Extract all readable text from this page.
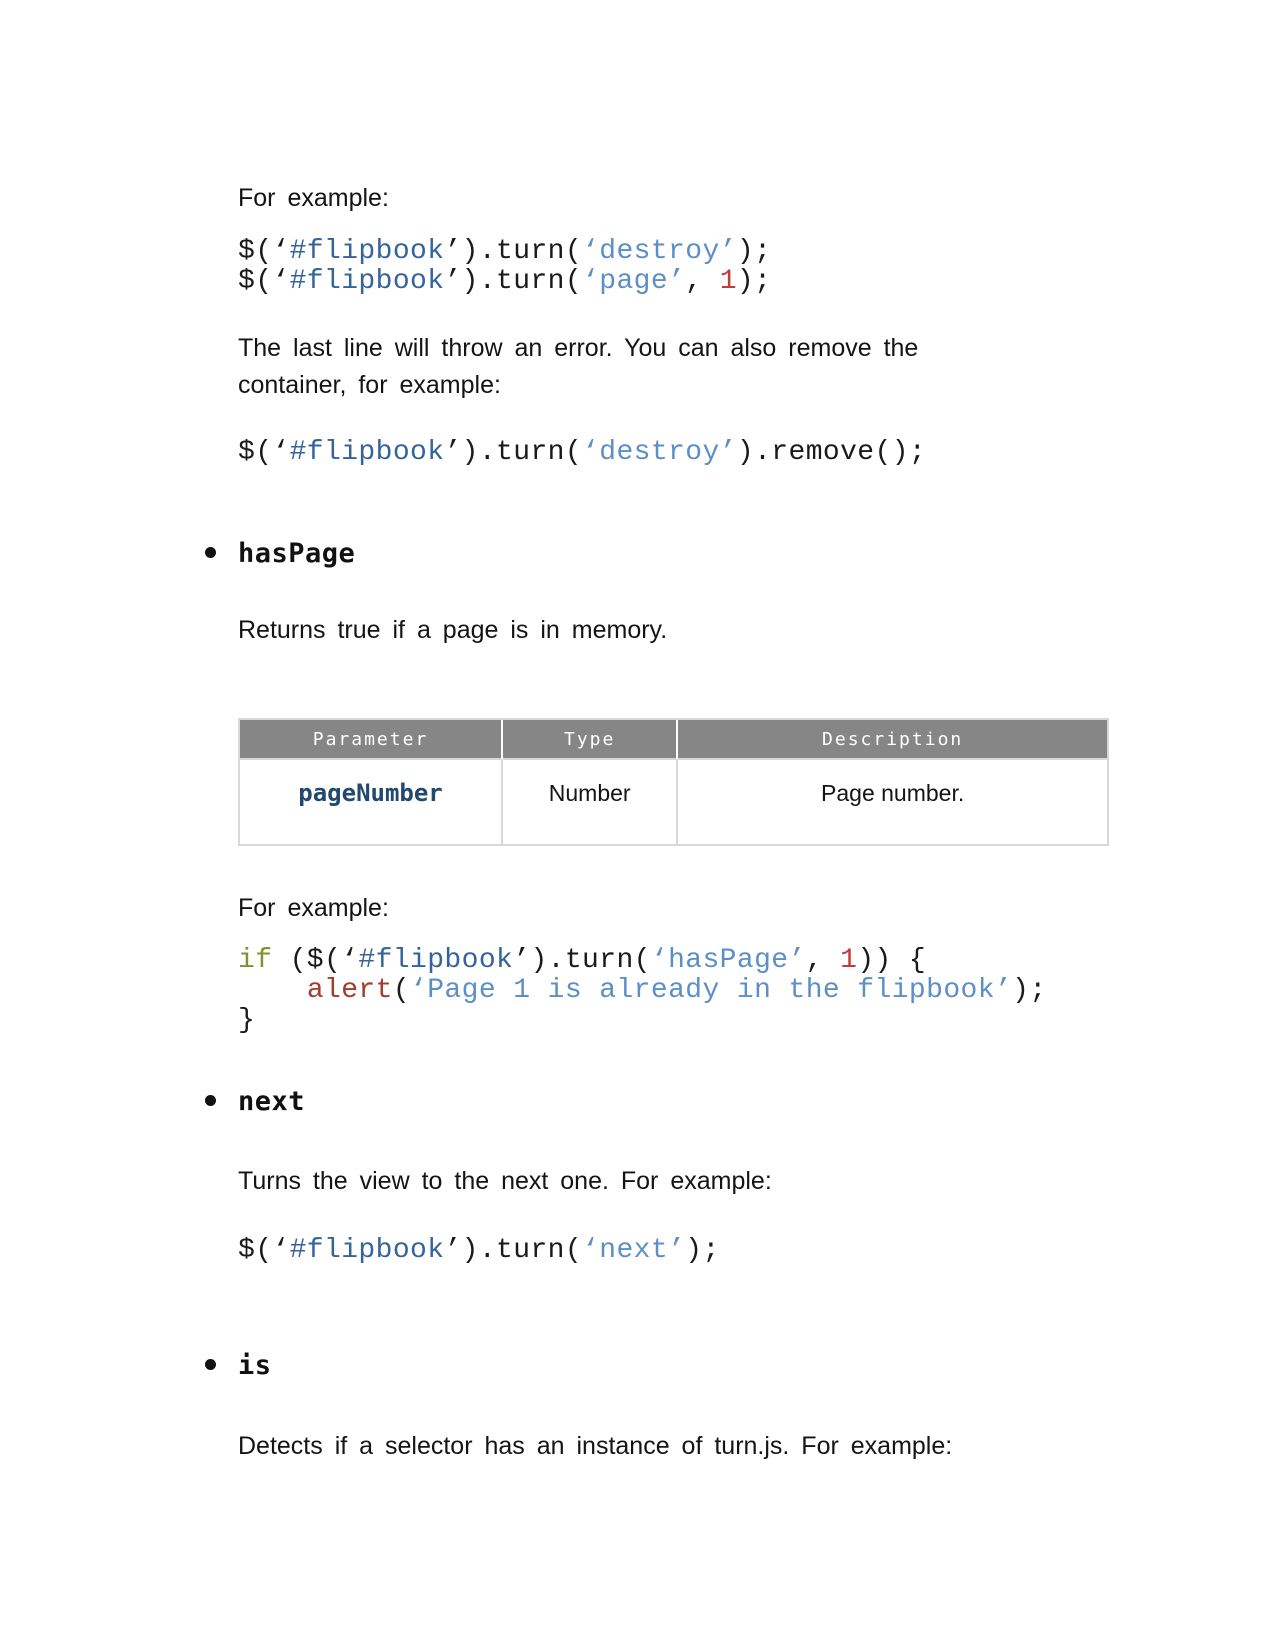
For example:
$(‘#flipbook’).turn(‘destroy’);
$(‘#flipbook’).turn(‘page’, 1);
The last line will throw an error. You can also remove the
container, for example:
$(‘#flipbook’).turn(‘destroy’).remove();
hasPage
Returns true if a page is in memory.
Parameter	Type	Description
pageNumber	Number	Page number.
For example:
if ($(‘#flipbook’).turn(‘hasPage’, 1)) {
alert(‘Page 1 is already in the flipbook’);
}
next
Turns the view to the next one. For example:
$(‘#flipbook’).turn(‘next’);
is
Detects if a selector has an instance of turn.js. For example:
